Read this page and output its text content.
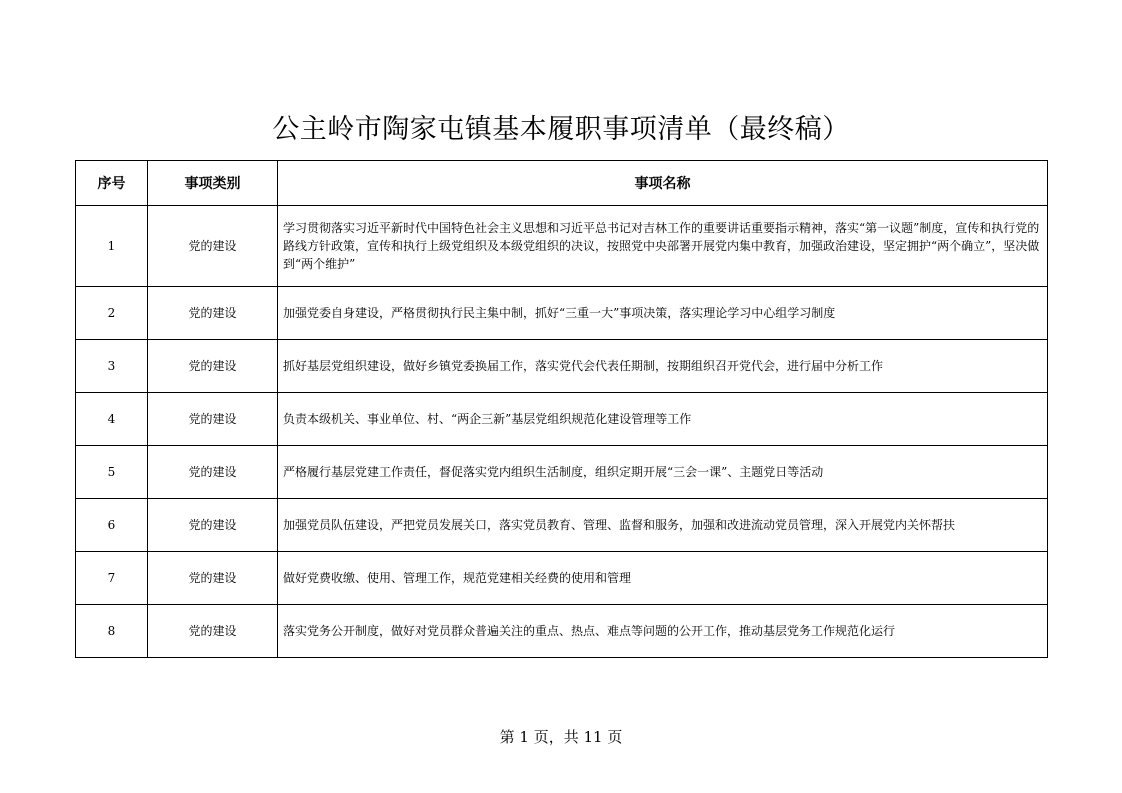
公主岭市陶家屯镇基本履职事项清单（最终稿）
序号	事项类别	事项名称
1	党的建设	学习贯彻落实习近平新时代中国特色社会主义思想和习近平总书记对吉林工作的重要讲话重要指示精神，落实“第一议题”制度，宣传和执行党的路线方针政策，宣传和执行上级党组织及本级党组织的决议，按照党中央部署开展党内集中教育，加强政治建设，坚定拥护“两个确立”，坚决做到“两个维护”
2	党的建设	加强党委自身建设，严格贯彻执行民主集中制，抓好“三重一大”事项决策，落实理论学习中心组学习制度
3	党的建设	抓好基层党组织建设，做好乡镇党委换届工作，落实党代会代表任期制，按期组织召开党代会，进行届中分析工作
4	党的建设	负责本级机关、事业单位、村、“两企三新”基层党组织规范化建设管理等工作
5	党的建设	严格履行基层党建工作责任，督促落实党内组织生活制度，组织定期开展“三会一课”、主题党日等活动
6	党的建设	加强党员队伍建设，严把党员发展关口，落实党员教育、管理、监督和服务，加强和改进流动党员管理，深入开展党内关怀帮扶
7	党的建设	做好党费收缴、使用、管理工作，规范党建相关经费的使用和管理
8	党的建设	落实党务公开制度，做好对党员群众普遍关注的重点、热点、难点等问题的公开工作，推动基层党务工作规范化运行
第 1 页，共 11 页
